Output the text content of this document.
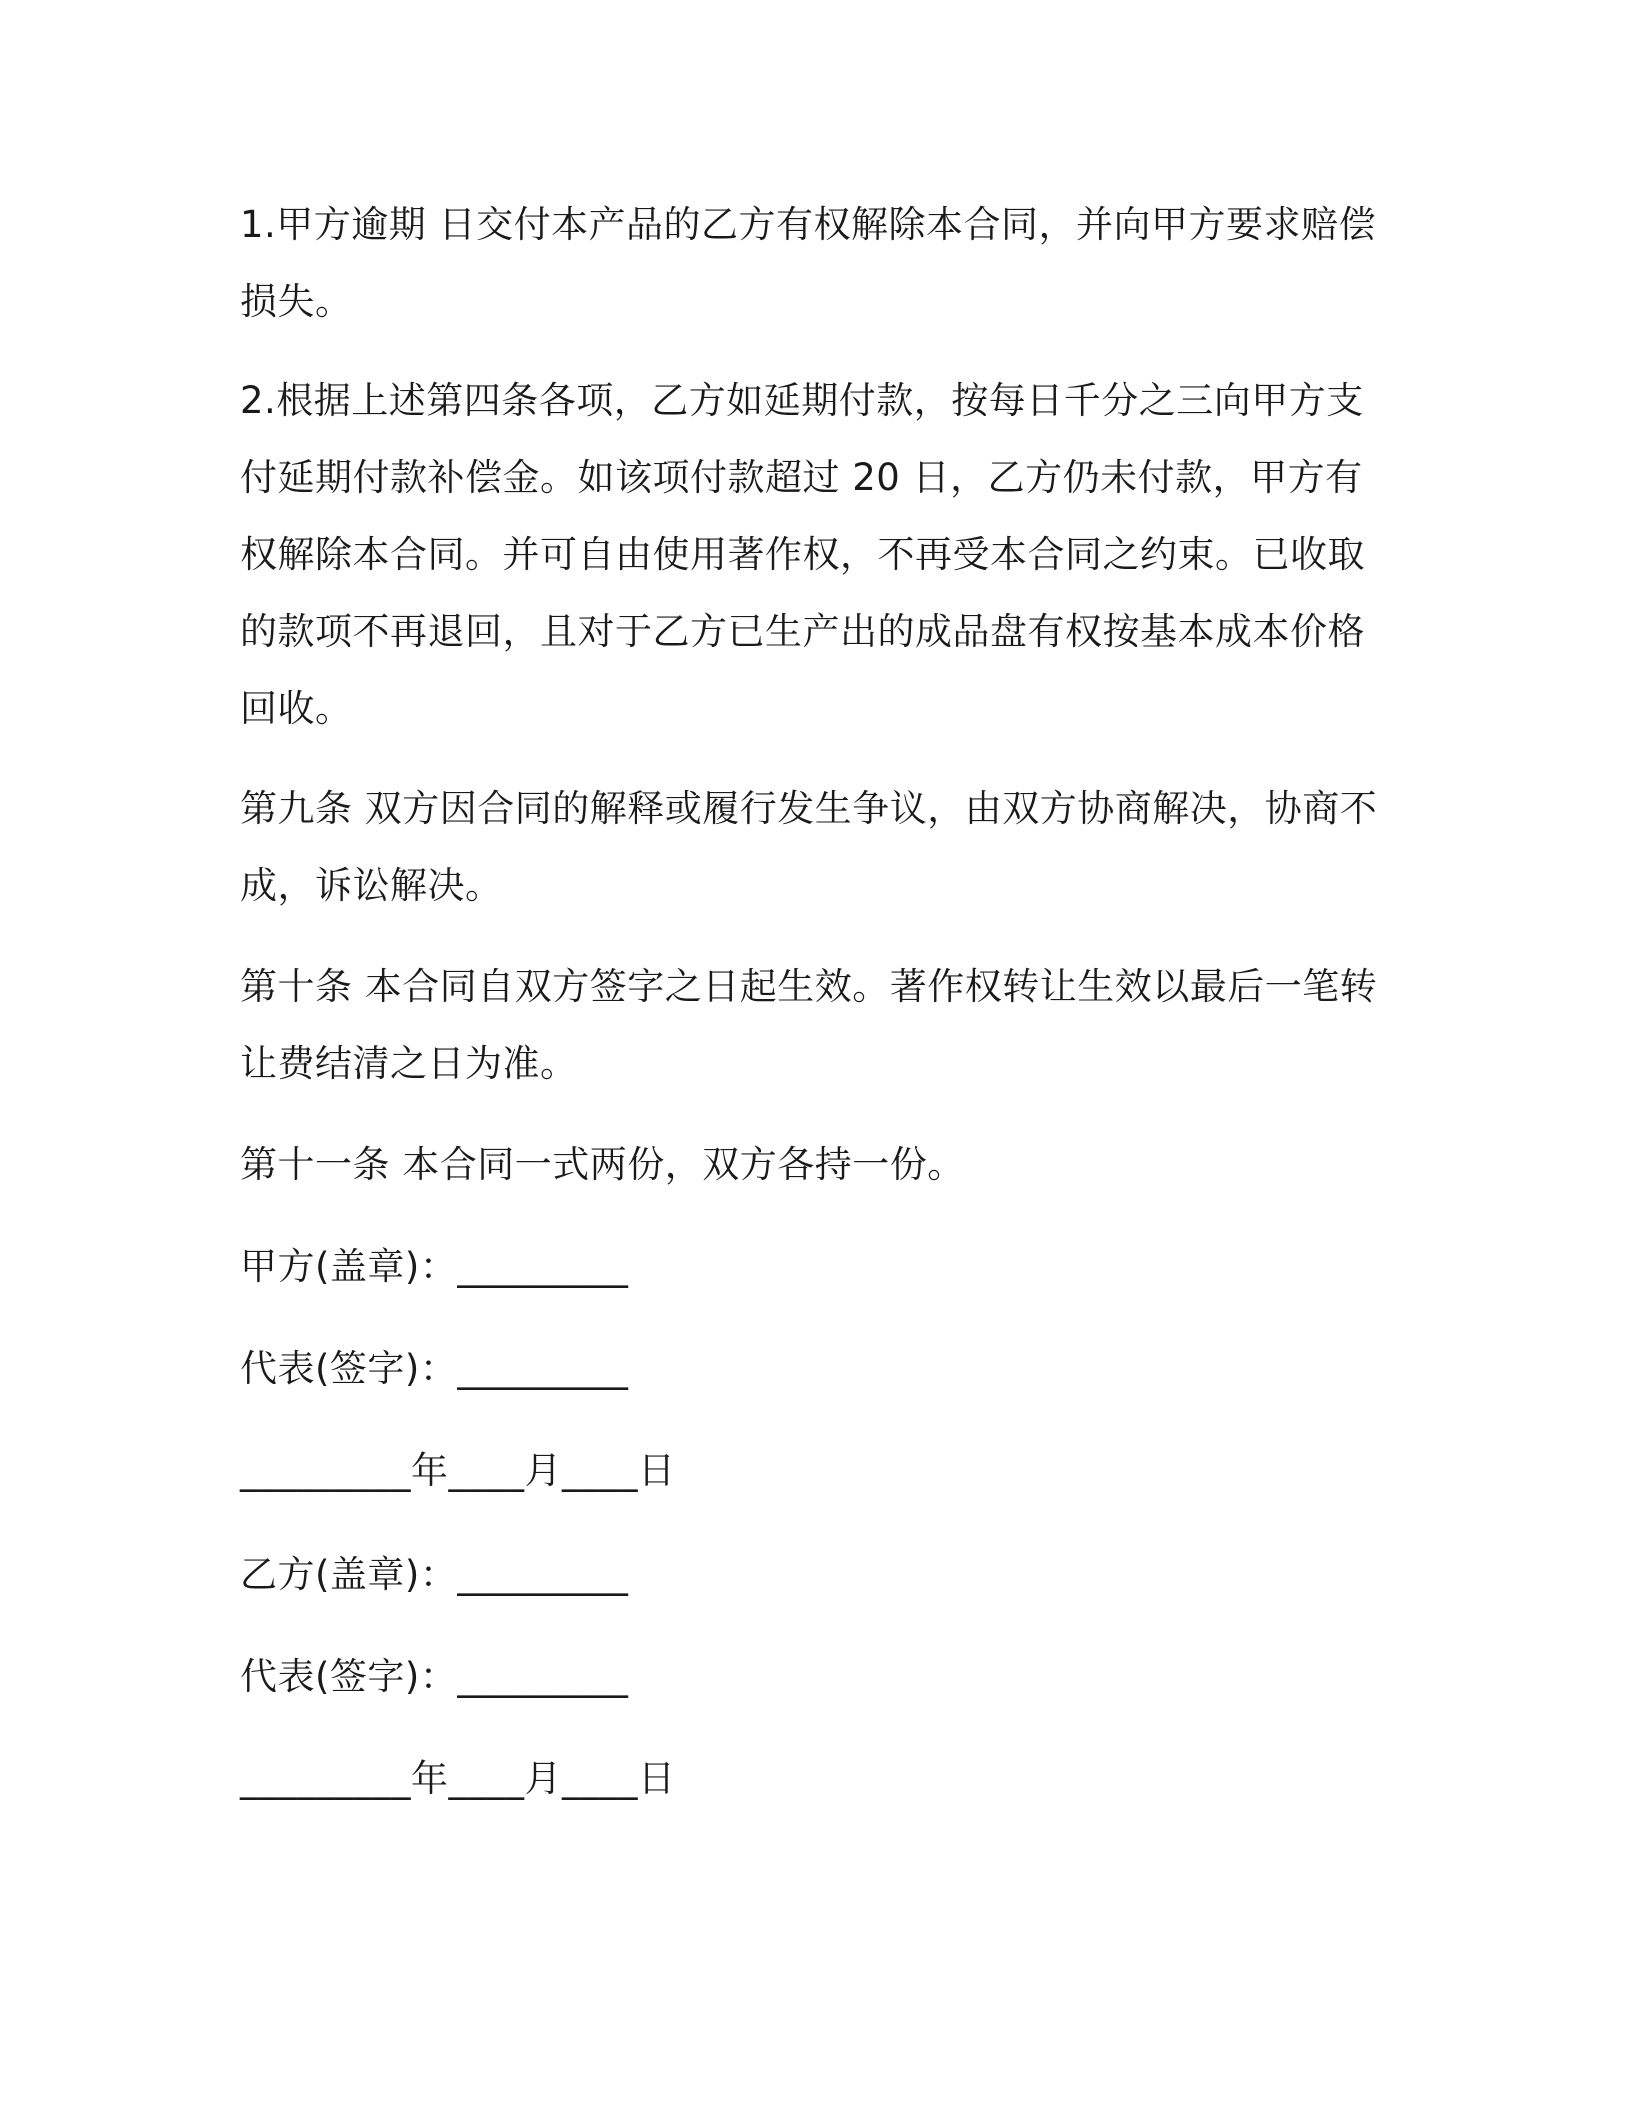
1.甲方逾期 日交付本产品的乙方有权解除本合同，并向甲方要求赔偿损失。

2.根据上述第四条各项，乙方如延期付款，按每日千分之三向甲方支付延期付款补偿金。如该项付款超过 20 日，乙方仍未付款，甲方有权解除本合同。并可自由使用著作权，不再受本合同之约束。已收取的款项不再退回，且对于乙方已生产出的成品盘有权按基本成本价格回收。

第九条 双方因合同的解释或履行发生争议，由双方协商解决，协商不成，诉讼解决。

第十条 本合同自双方签字之日起生效。著作权转让生效以最后一笔转让费结清之日为准。

第十一条 本合同一式两份，双方各持一份。

甲方(盖章)：_________

代表(签字)：_________

_________年____月____日

乙方(盖章)：_________

代表(签字)：_________

_________年____月____日
